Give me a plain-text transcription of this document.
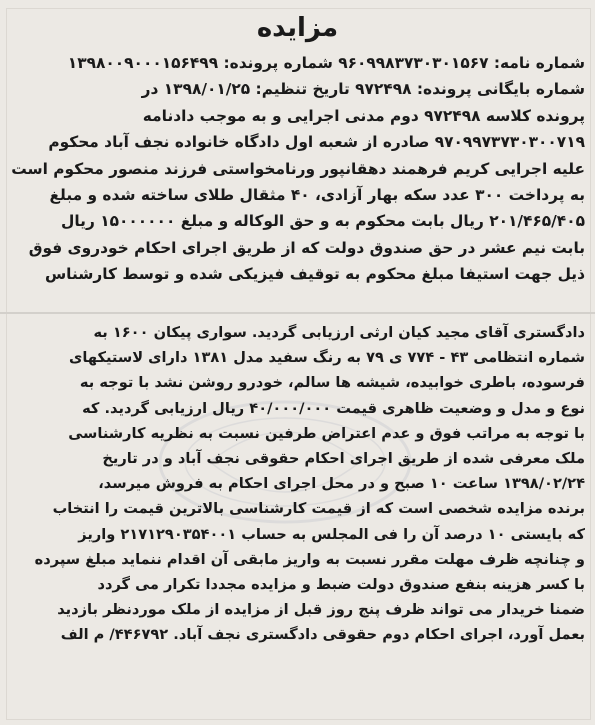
مزایده
شماره نامه: ۹۶۰۹۹۸۳۷۳۰۳۰۱۵۶۷ شماره پرونده: ۱۳۹۸۰۰۹۰۰۰۱۵۶۴۹۹
شماره بایگانی پرونده: ۹۷۲۴۹۸ تاریخ تنظیم: ۱۳۹۸/۰۱/۲۵ در
پرونده کلاسه ۹۷۲۴۹۸ دوم مدنی اجرایی و به موجب دادنامه
۹۷۰۹۹۷۳۷۳۰۳۰۰۷۱۹ صادره از شعبه اول دادگاه خانواده نجف آباد محکوم
علیه اجرایی کریم فرهمند دهقانپور ورنامخواستی فرزند منصور محکوم است
به پرداخت ۳۰۰ عدد سکه بهار آزادی، ۴۰ مثقال طلای ساخته شده و مبلغ
۲۰۱/۴۶۵/۴۰۵ ریال بابت محکوم به و حق الوکاله و مبلغ ۱۵۰۰۰۰۰۰ ریال
بابت نیم عشر در حق صندوق دولت که از طریق اجرای احکام خودروی فوق
ذیل جهت استیفا مبلغ محکوم به توقیف فیزیکی شده و توسط کارشناس
دادگستری آقای مجید کیان ارثی ارزیابی گردید. سواری پیکان ۱۶۰۰ به
شماره انتظامی ۴۳ - ۷۷۴ ی ۷۹ به رنگ سفید مدل ۱۳۸۱ دارای لاستیکهای
فرسوده، باطری خوابیده، شیشه ها سالم، خودرو روشن نشد با توجه به
نوع و مدل و وضعیت ظاهری قیمت ۴۰/۰۰۰/۰۰۰ ریال ارزیابی گردید. که
با توجه به مراتب فوق و عدم اعتراض طرفین نسبت به نظریه کارشناسی
ملک معرفی شده از طریق اجرای احکام حقوقی نجف آباد و در تاریخ
۱۳۹۸/۰۲/۲۴ ساعت ۱۰ صبح و در محل اجرای احکام به فروش میرسد،
برنده مزایده شخصی است که از قیمت کارشناسی بالاترین قیمت را انتخاب
که بایستی ۱۰ درصد آن را فی المجلس به حساب ۲۱۷۱۲۹۰۳۵۴۰۰۱ واریز
و چنانچه ظرف مهلت مقرر نسبت به واریز مابقی آن اقدام ننماید مبلغ سپرده
با کسر هزینه بنفع صندوق دولت ضبط و مزایده مجددا تکرار می گردد
ضمنا خریدار می تواند ظرف پنج روز قبل از مزایده از ملک موردنظر بازدید
بعمل آورد، اجرای احکام دوم حقوقی دادگستری نجف آباد. ۴۴۶۷۹۲/ م الف
